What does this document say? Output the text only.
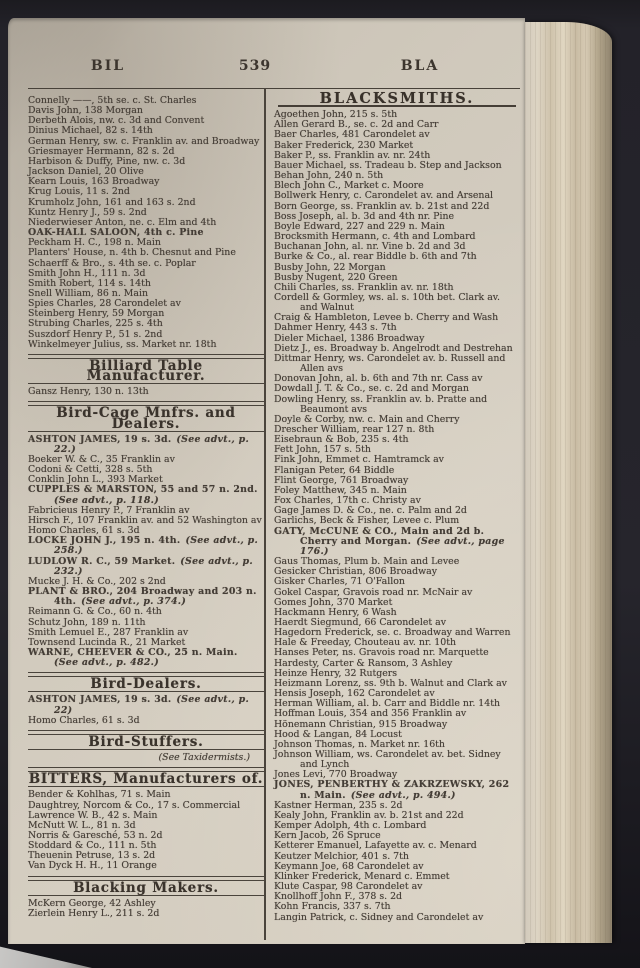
BIL	539	BLA
Connelly ——, 5th se. c. St. Charles
Davis John, 138 Morgan
Derbeth Alois, nw. c. 3d and Convent
Dinius Michael, 82 s. 14th
German Henry, sw. c. Franklin av. and Broadway
Griesmayer Hermann, 82 s. 2d
Harbison & Duffy, Pine, nw. c. 3d
Jackson Daniel, 20 Olive
Kearn Louis, 163 Broadway
Krug Louis, 11 s. 2nd
Krumholz John, 161 and 163 s. 2nd
Kuntz Henry J., 59 s. 2nd
Niederwieser Anton, ne. c. Elm and 4th
OAK-HALL SALOON, 4th c. Pine
Peckham H. C., 198 n. Main
Planters' House, n. 4th b. Chesnut and Pine
Schaerff & Bro., s. 4th se. c. Poplar
Smith John H., 111 n. 3d
Smith Robert, 114 s. 14th
Snell William, 86 n. Main
Spies Charles, 28 Carondelet av
Steinberg Henry, 59 Morgan
Strubing Charles, 225 s. 4th
Suszdorf Henry P., 51 s. 2nd
Winkelmeyer Julius, ss. Market nr. 18th
Billiard Table Manufacturer.
Gansz Henry, 130 n. 13th
Bird-Cage Mnfrs. and Dealers.
ASHTON JAMES, 19 s. 3d. (See advt., p. 22.)
Boeker W. & C., 35 Franklin av
Codoni & Cetti, 328 s. 5th
Conklin John L., 393 Market
CUPPLES & MARSTON, 55 and 57 n. 2nd. (See advt., p. 118.)
Fabricieus Henry P., 7 Franklin av
Hirsch F., 107 Franklin av. and 52 Washington av
Homo Charles, 61 s. 3d
LOCKE JOHN J., 195 n. 4th. (See advt., p. 258.)
LUDLOW R. C., 59 Market. (See advt., p. 232.)
Mucke J. H. & Co., 202 s 2nd
PLANT & BRO., 204 Broadway and 203 n. 4th. (See advt., p. 374.)
Reimann G. & Co., 60 n. 4th
Schutz John, 189 n. 11th
Smith Lemuel E., 287 Franklin av
Townsend Lucinda R., 21 Market
WARNE, CHEEVER & CO., 25 n. Main. (See advt., p. 482.)
Bird-Dealers.
ASHTON JAMES, 19 s. 3d. (See advt., p. 22)
Homo Charles, 61 s. 3d
Bird-Stuffers.
(See Taxidermists.)
BITTERS, Manufacturers of.
Bender & Kohlhas, 71 s. Main
Daughtrey, Norcom & Co., 17 s. Commercial
Lawrence W. B., 42 s. Main
McNutt W. L., 81 n. 3d
Norris & Garesché, 53 n. 2d
Stoddard & Co., 111 n. 5th
Theuenin Petruse, 13 s. 2d
Van Dyck H. H., 11 Orange
Blacking Makers.
McKern George, 42 Ashley
Zierlein Henry L., 211 s. 2d
BLACKSMITHS.
Agoethen John, 215 s. 5th
Allen Gerard B., se. c. 2d and Carr
Baer Charles, 481 Carondelet av
Baker Frederick, 230 Market
Baker P., ss. Franklin av. nr. 24th
Bauer Michael, ss. Tradeau b. Step and Jackson
Behan John, 240 n. 5th
Blech John C., Market c. Moore
Bollwerk Henry, c. Carondelet av. and Arsenal
Born George, ss. Franklin av. b. 21st and 22d
Boss Joseph, al. b. 3d and 4th nr. Pine
Boyle Edward, 227 and 229 n. Main
Brocksmith Hermann, c. 4th and Lombard
Buchanan John, al. nr. Vine b. 2d and 3d
Burke & Co., al. rear Biddle b. 6th and 7th
Busby John, 22 Morgan
Busby Nugent, 220 Green
Chili Charles, ss. Franklin av. nr. 18th
Cordell & Gormley, ws. al. s. 10th bet. Clark av. and Walnut
Craig & Hambleton, Levee b. Cherry and Wash
Dahmer Henry, 443 s. 7th
Dieler Michael, 1386 Broadway
Dietz J., es. Broadway b. Angelrodt and Destrehan
Dittmar Henry, ws. Carondelet av. b. Russell and Allen avs
Donovan John, al. b. 6th and 7th nr. Cass av
Dowdall J. T. & Co., se. c. 2d and Morgan
Dowling Henry, ss. Franklin av. b. Pratte and Beaumont avs
Doyle & Corby, nw. c. Main and Cherry
Drescher William, rear 127 n. 8th
Eisebraun & Bob, 235 s. 4th
Fett John, 157 s. 5th
Fink John, Emmet c. Hamtramck av
Flanigan Peter, 64 Biddle
Flint George, 761 Broadway
Foley Matthew, 345 n. Main
Fox Charles, 17th c. Christy av
Gage James D. & Co., ne. c. Palm and 2d
Garlichs, Beck & Fisher, Levee c. Plum
GATY, McCUNE & CO., Main and 2d b. Cherry and Morgan. (See advt., page 176.)
Gaus Thomas, Plum b. Main and Levee
Gesicker Christian, 806 Broadway
Gisker Charles, 71 O'Fallon
Gokel Caspar, Gravois road nr. McNair av
Gomes John, 370 Market
Hackmann Henry, 6 Wash
Haerdt Siegmund, 66 Carondelet av
Hagedorn Frederick, se. c. Broadway and Warren
Hale & Freeday, Chouteau av. nr. 10th
Hanses Peter, ns. Gravois road nr. Marquette
Hardesty, Carter & Ransom, 3 Ashley
Heinze Henry, 32 Rutgers
Heizmann Lorenz, ss. 9th b. Walnut and Clark av
Hensis Joseph, 162 Carondelet av
Herman William, al. b. Carr and Biddle nr. 14th
Hoffman Louis, 354 and 356 Franklin av
Hönemann Christian, 915 Broadway
Hood & Langan, 84 Locust
Johnson Thomas, n. Market nr. 16th
Johnson William, ws. Carondelet av. bet. Sidney and Lynch
Jones Levi, 770 Broadway
JONES, PENBERTHY & ZAKRZEWSKY, 262 n. Main. (See advt., p. 494.)
Kastner Herman, 235 s. 2d
Kealy John, Franklin av. b. 21st and 22d
Kemper Adolph, 4th c. Lombard
Kern Jacob, 26 Spruce
Ketterer Emanuel, Lafayette av. c. Menard
Keutzer Melchior, 401 s. 7th
Keymann Joe, 68 Carondelet av
Klinker Frederick, Menard c. Emmet
Klute Caspar, 98 Carondelet av
Knollhoff John F., 378 s. 2d
Kohn Francis, 337 s. 7th
Langin Patrick, c. Sidney and Carondelet av
